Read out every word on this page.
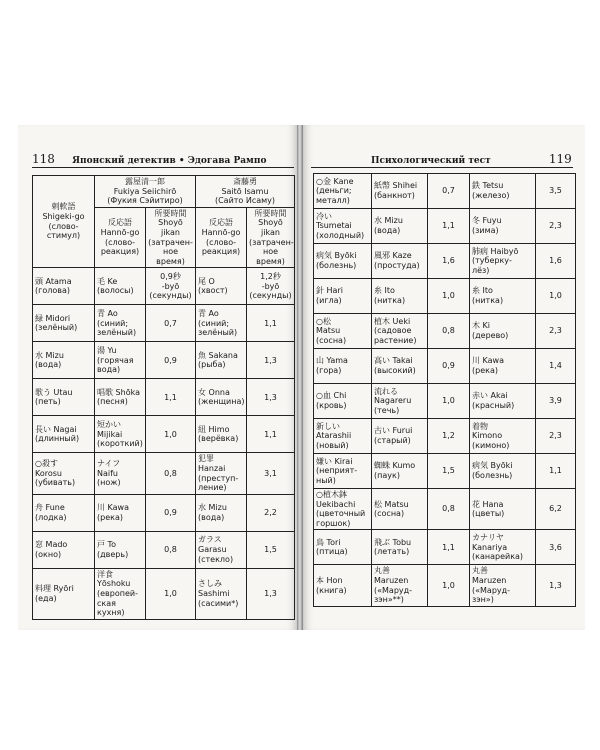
118 Японский детектив • Эдогава Рампо
剌軟語
Shigeki-go
(слово-
стимул)	露屋清一郎
Fukiya Seiichirō
(Фукия Сэйитиро)		斎藤勇
Saitō Isamu
(Сайто Исаму)	
	反応語
Hannō-go
(слово-
реакция)	所要時間
Shoyō
jikan
(затрачен-
ное время)	反応語
Hannō-go
(слово-
реакция)	所要時間
Shoyō
jikan
(затрачен-
ное время)
頭 Atama
(голова)	毛 Ke
(волосы)	0,9秒
-byō
(секунды)	尾 O
(хвост)	1,2秒
-byō
(секунды)
緑 Midori
(зелёный)	青 Ao
(синий;
зелёный)	0,7	青 Ao
(синий;
зелёный)	1,1
水 Mizu
(вода)	湯 Yu
(горячая
вода)	0,9	魚 Sakana
(рыба)	1,3
歌う Utau
(петь)	唱歌 Shōka
(песня)	1,1	女 Onna
(женщина)	1,3
長い Nagai
(длинный)	短かい
Mijikai
(короткий)	1,0	紐 Himo
(верёвка)	1,1
○殺す
Korosu
(убивать)	ナイフ
Naifu (нож)	0,8	犯罪
Hanzai
(преступ-
ление)	3,1
舟 Fune
(лодка)	川 Kawa
(река)	0,9	水 Mizu
(вода)	2,2
窓 Mado
(окно)	戸 To
(дверь)	0,8	ガラス
Garasu
(стекло)	1,5
料理 Ryōri
(еда)	洋食
Yōshoku
(европей-
ская кухня)	1,0	さしみ
Sashimi
(сасими*)	1,3
Психологический тест	119
○金 Kane
(деньги;
металл)	紙幣 Shihei
(банкнот)	0,7	鉄 Tetsu
(железо)	3,5
冷い
Tsumetai
(холодный)	水 Mizu
(вода)	1,1	冬 Fuyu
(зима)	2,3
病気 Byōki
(болезнь)	風邪 Kaze
(простуда)	1,6	肺病 Haibyō
(туберку-
лёз)	1,6
針 Hari
(игла)	糸 Ito
(нитка)	1,0	糸 Ito
(нитка)	1,0
○松
Matsu
(сосна)	植木 Ueki
(садовое
растение)	0,8	木 Ki
(дерево)	2,3
山 Yama
(гора)	高い Takai
(высокий)	0,9	川 Kawa
(река)	1,4
○血 Chi
(кровь)	流れる
Nagareru
(течь)	1,0	赤い Akai
(красный)	3,9
新しい
Atarashii
(новый)	古い Furui
(старый)	1,2	着物
Kimono
(кимоно)	2,3
嫌い Kirai
(неприят-
ный)	蜘蛛 Kumo
(паук)	1,5	病気 Byōki
(болезнь)	1,1
○植木鉢
Uekibachi
(цветочный
горшок)	松 Matsu
(сосна)	0,8	花 Hana
(цветы)	6,2
鳥 Tori
(птица)	飛ぶ Tobu
(летать)	1,1	カナリヤ
Kanariya
(канарейка)	3,6
本 Hon
(книга)	丸善
Maruzen
(«Маруд-
зэн»**)	1,0	丸善
Maruzen
(«Маруд-
зэн»)	1,3
